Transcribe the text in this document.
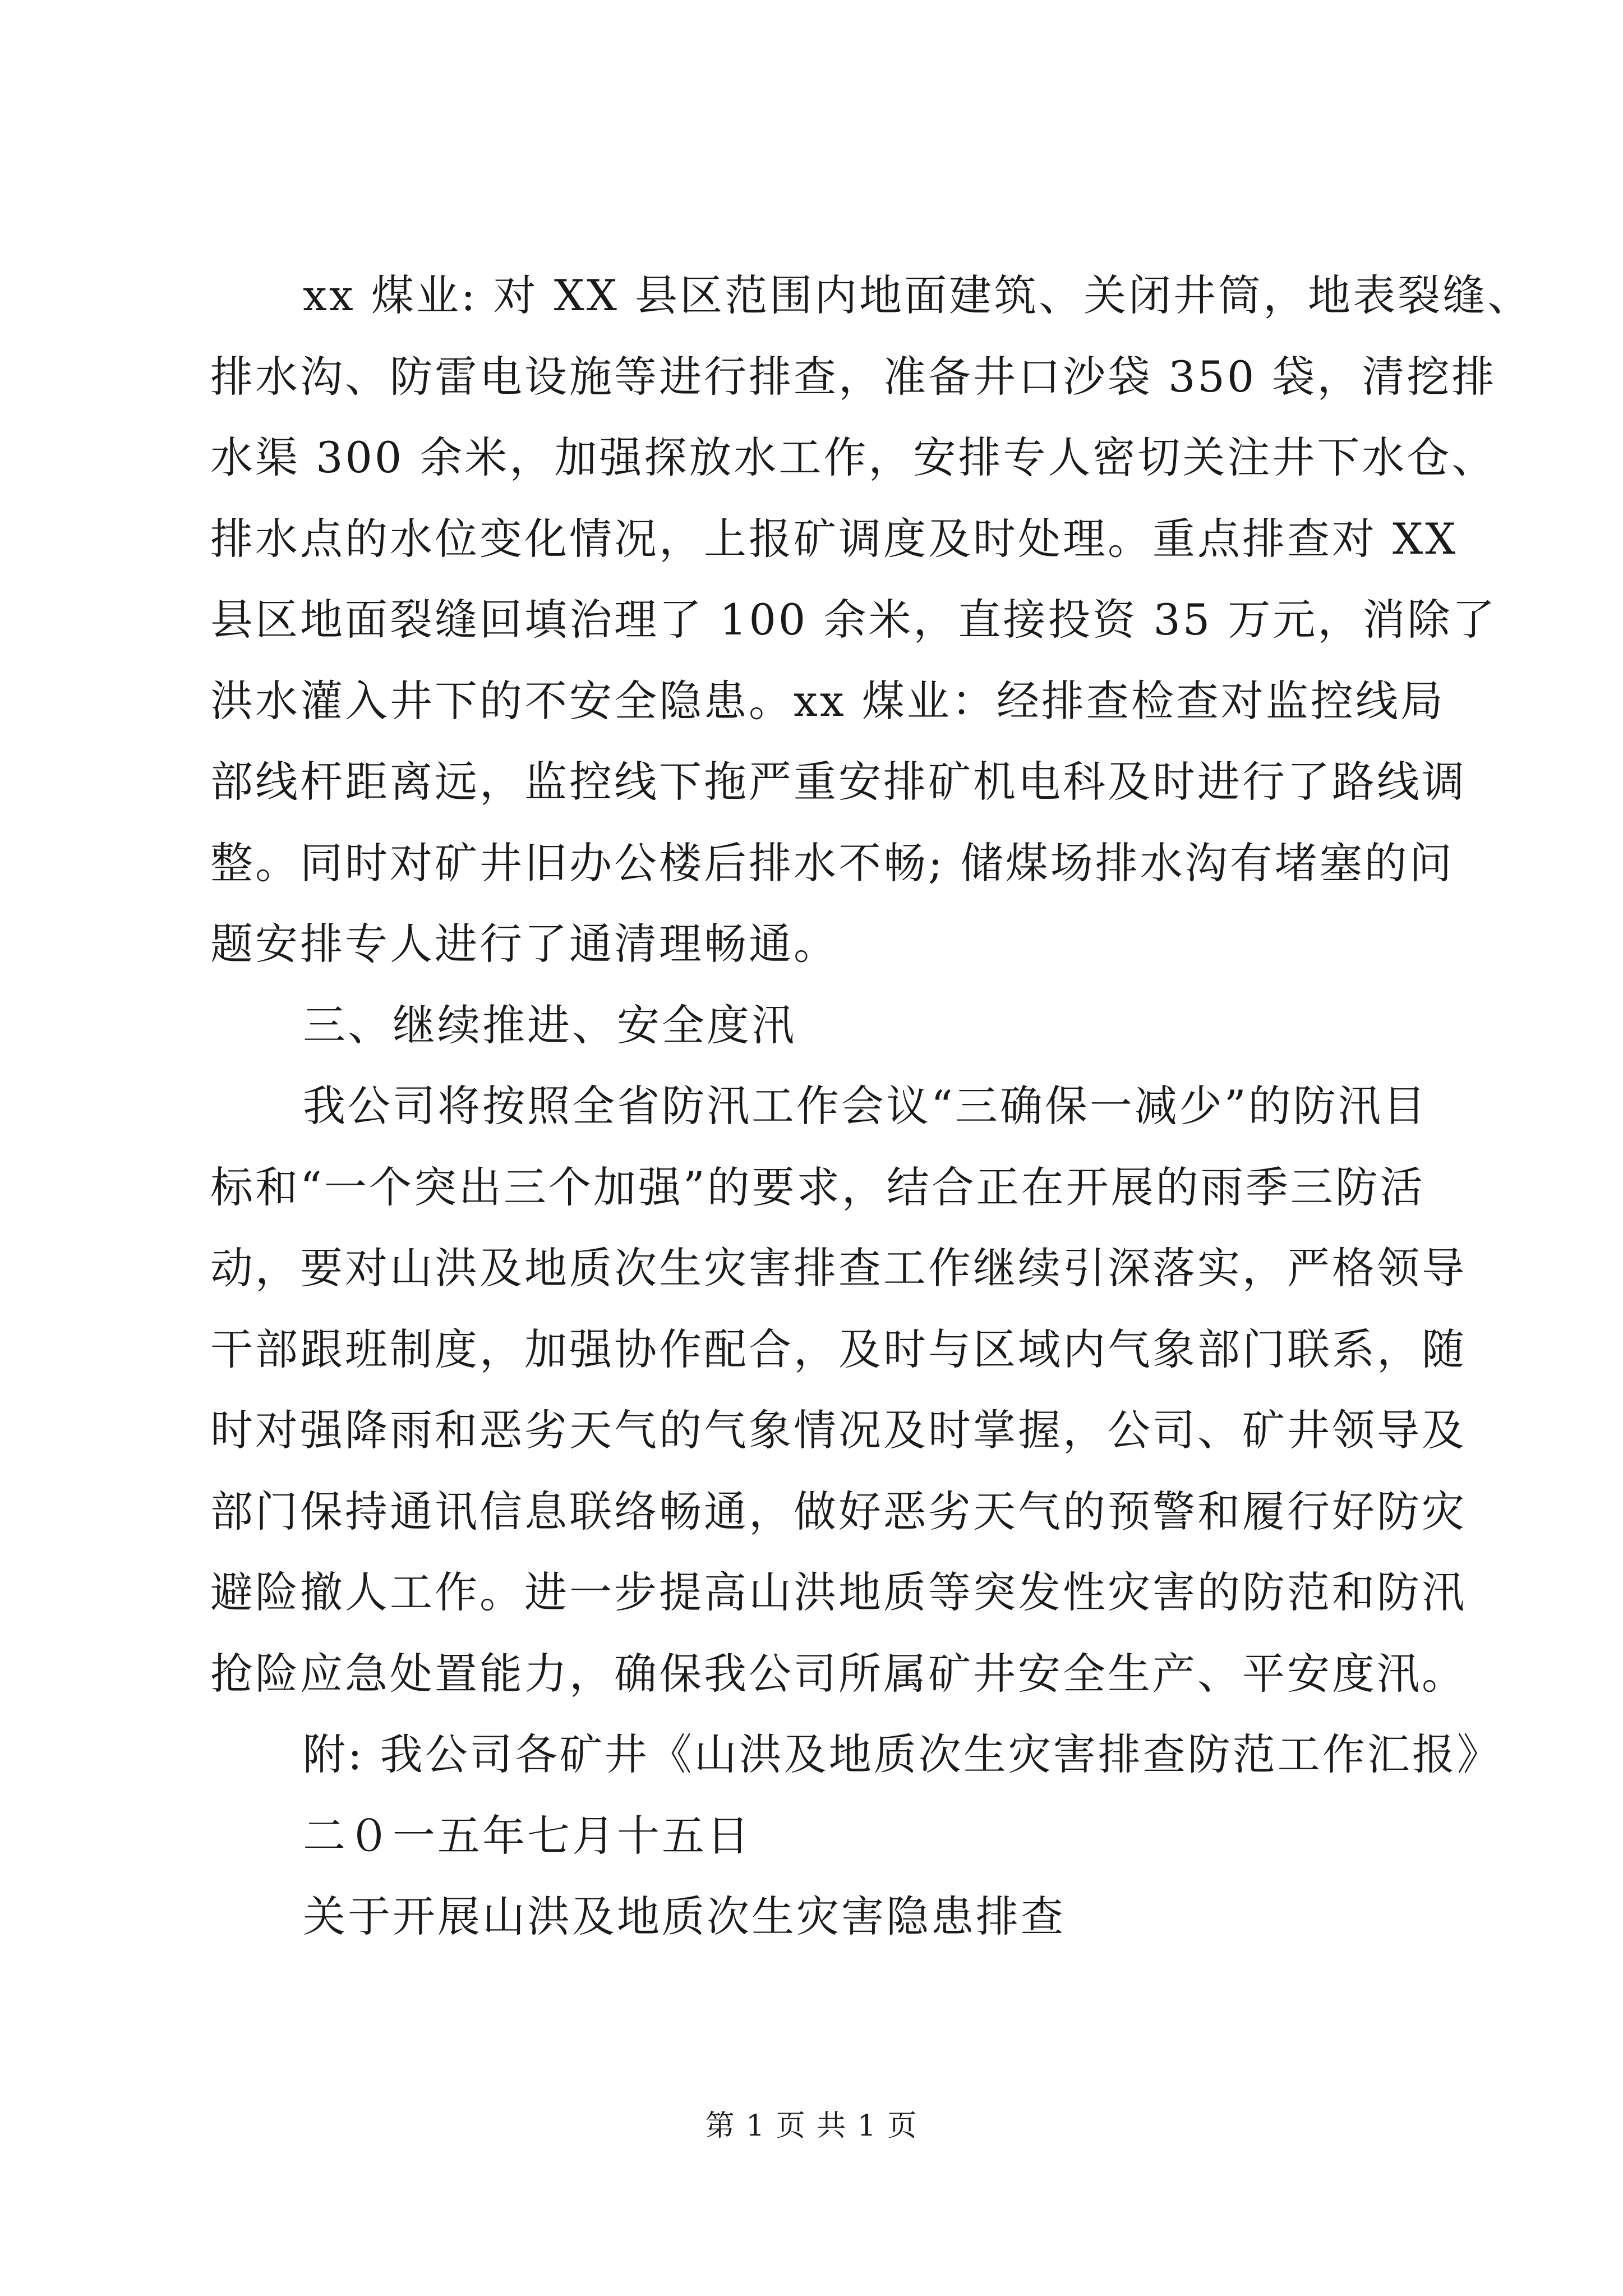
xx 煤业: 对 XX 县区范围内地面建筑、关闭井筒，地表裂缝、
排水沟、防雷电设施等进行排查，准备井口沙袋 350 袋，清挖排
水渠 300 余米，加强探放水工作，安排专人密切关注井下水仓、
排水点的水位变化情况，上报矿调度及时处理。重点排查对 XX
县区地面裂缝回填治理了 100 余米，直接投资 35 万元，消除了
洪水灌入井下的不安全隐患。xx 煤业：经排查检查对监控线局
部线杆距离远，监控线下拖严重安排矿机电科及时进行了路线调
整。同时对矿井旧办公楼后排水不畅; 储煤场排水沟有堵塞的问
题安排专人进行了通清理畅通。
三、继续推进、安全度汛
我公司将按照全省防汛工作会议“三确保一减少”的防汛目
标和“一个突出三个加强”的要求，结合正在开展的雨季三防活
动，要对山洪及地质次生灾害排查工作继续引深落实，严格领导
干部跟班制度，加强协作配合，及时与区域内气象部门联系，随
时对强降雨和恶劣天气的气象情况及时掌握，公司、矿井领导及
部门保持通讯信息联络畅通，做好恶劣天气的预警和履行好防灾
避险撤人工作。进一步提高山洪地质等突发性灾害的防范和防汛
抢险应急处置能力，确保我公司所属矿井安全生产、平安度汛。
附: 我公司各矿井《山洪及地质次生灾害排查防范工作汇报》
二０一五年七月十五日
关于开展山洪及地质次生灾害隐患排查
第 1 页 共 1 页
